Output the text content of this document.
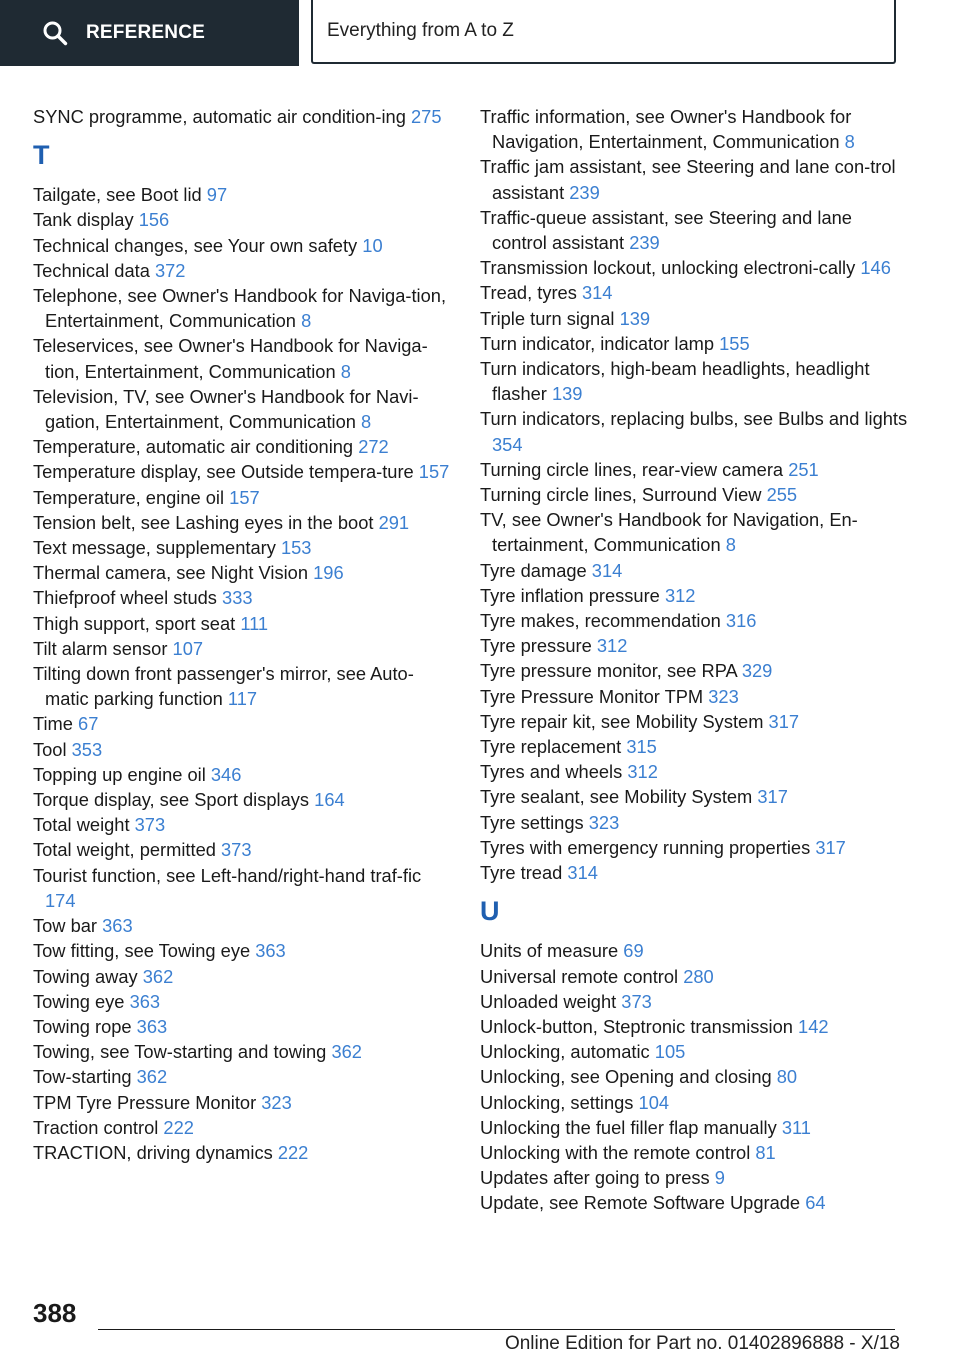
REFERENCE	Everything from A to Z
SYNC programme, automatic air condition-ing 275
T
Tailgate, see Boot lid 97
Tank display 156
Technical changes, see Your own safety 10
Technical data 372
Telephone, see Owner's Handbook for Naviga-tion, Entertainment, Communication 8
Teleservices, see Owner's Handbook for Naviga-tion, Entertainment, Communication 8
Television, TV, see Owner's Handbook for Navi-gation, Entertainment, Communication 8
Temperature, automatic air conditioning 272
Temperature display, see Outside tempera-ture 157
Temperature, engine oil 157
Tension belt, see Lashing eyes in the boot 291
Text message, supplementary 153
Thermal camera, see Night Vision 196
Thiefproof wheel studs 333
Thigh support, sport seat 111
Tilt alarm sensor 107
Tilting down front passenger's mirror, see Auto-matic parking function 117
Time 67
Tool 353
Topping up engine oil 346
Torque display, see Sport displays 164
Total weight 373
Total weight, permitted 373
Tourist function, see Left-hand/right-hand traf-fic 174
Tow bar 363
Tow fitting, see Towing eye 363
Towing away 362
Towing eye 363
Towing rope 363
Towing, see Tow-starting and towing 362
Tow-starting 362
TPM Tyre Pressure Monitor 323
Traction control 222
TRACTION, driving dynamics 222
Traffic information, see Owner's Handbook for Navigation, Entertainment, Communication 8
Traffic jam assistant, see Steering and lane con-trol assistant 239
Traffic-queue assistant, see Steering and lane control assistant 239
Transmission lockout, unlocking electroni-cally 146
Tread, tyres 314
Triple turn signal 139
Turn indicator, indicator lamp 155
Turn indicators, high-beam headlights, headlight flasher 139
Turn indicators, replacing bulbs, see Bulbs and lights 354
Turning circle lines, rear-view camera 251
Turning circle lines, Surround View 255
TV, see Owner's Handbook for Navigation, En-tertainment, Communication 8
Tyre damage 314
Tyre inflation pressure 312
Tyre makes, recommendation 316
Tyre pressure 312
Tyre pressure monitor, see RPA 329
Tyre Pressure Monitor TPM 323
Tyre repair kit, see Mobility System 317
Tyre replacement 315
Tyres and wheels 312
Tyre sealant, see Mobility System 317
Tyre settings 323
Tyres with emergency running properties 317
Tyre tread 314
U
Units of measure 69
Universal remote control 280
Unloaded weight 373
Unlock-button, Steptronic transmission 142
Unlocking, automatic 105
Unlocking, see Opening and closing 80
Unlocking, settings 104
Unlocking the fuel filler flap manually 311
Unlocking with the remote control 81
Updates after going to press 9
Update, see Remote Software Upgrade 64
388
Online Edition for Part no. 01402896888 - X/18
